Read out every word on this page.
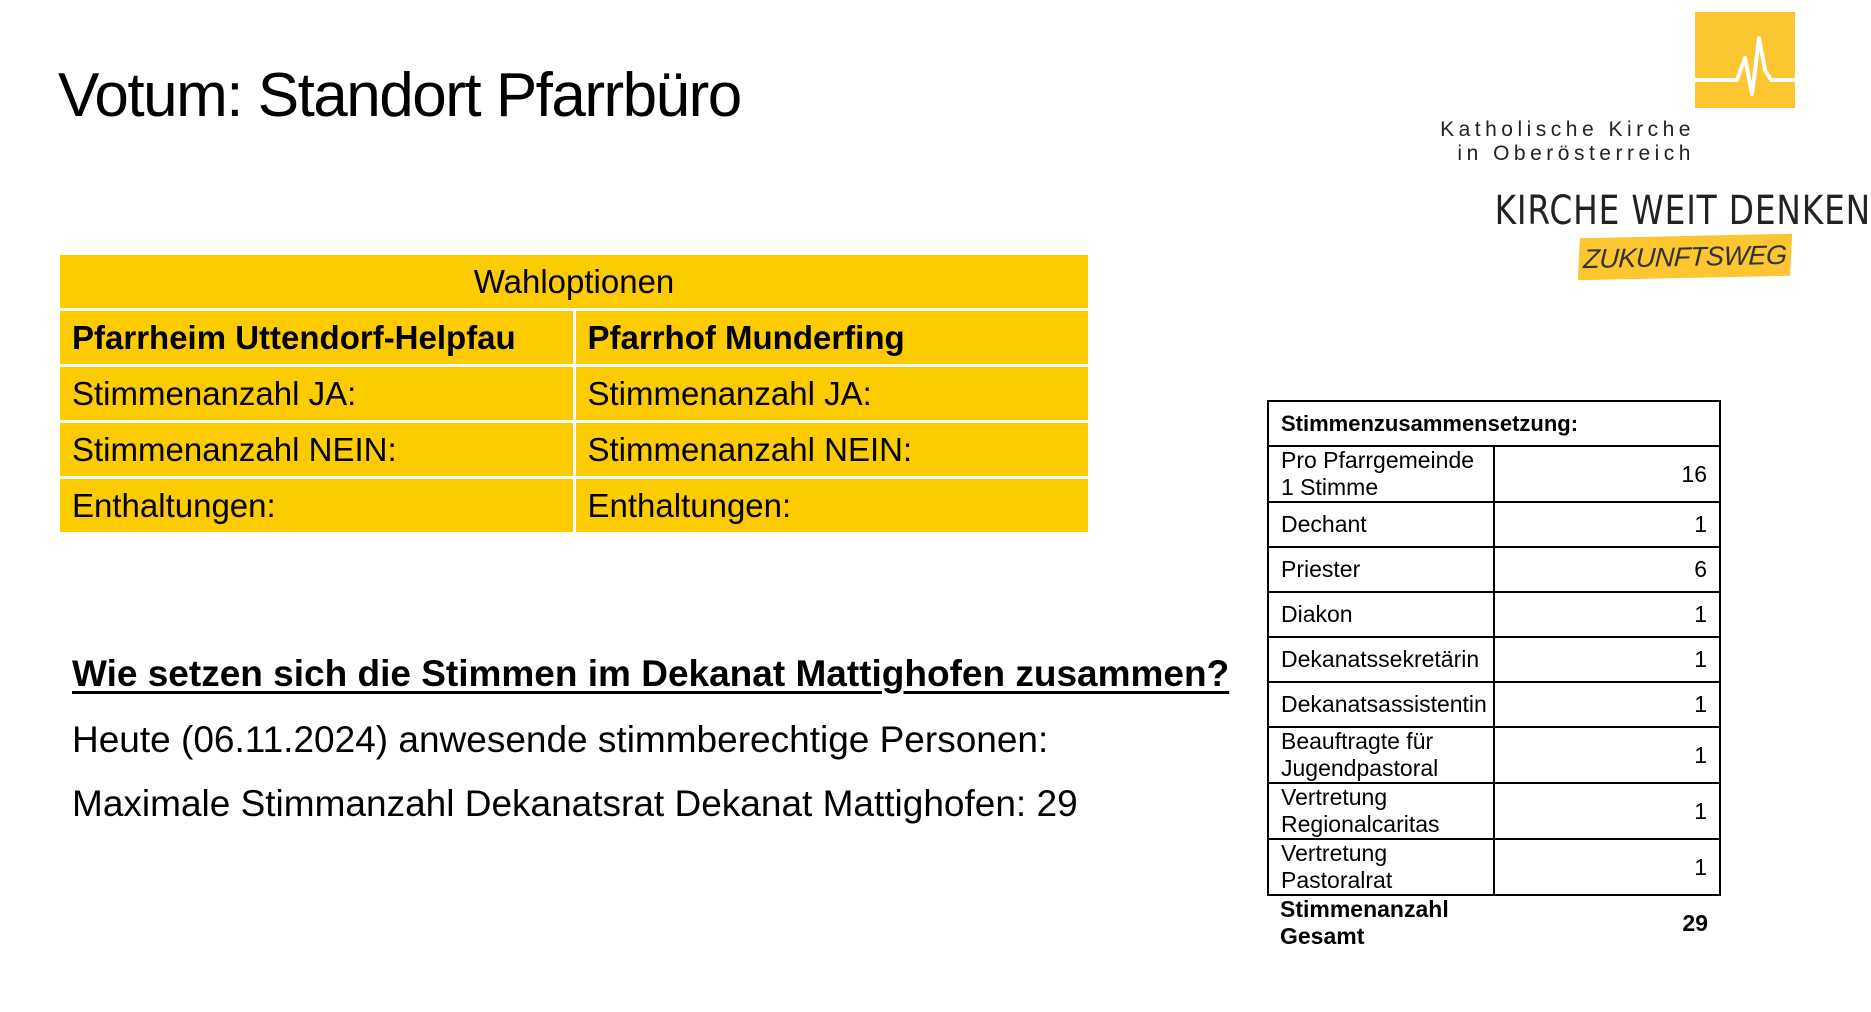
Votum: Standort Pfarrbüro	Katholische Kirche
in Oberösterreich
KIRCHE WEIT DENKEN
ZUKUNFTSWEG
Wahloptionen	
Pfarrheim Uttendorf-Helpfau	Pfarrhof Munderfing
Stimmenanzahl JA:	Stimmenanzahl JA:
Stimmenanzahl NEIN:	Stimmenanzahl NEIN:
Enthaltungen:	Enthaltungen:

Wie setzen sich die Stimmen im Dekanat Mattighofen zusammen?

Heute (06.11.2024) anwesende stimmberechtige Personen:

Maximale Stimmanzahl Dekanatsrat Dekanat Mattighofen: 29

Stimmenzusammensetzung:	
Pro Pfarrgemeinde 1 Stimme	16
Dechant	1
Priester	6
Diakon	1
Dekanatssekretärin	1
Dekanatsassistentin	1
Beauftragte für Jugendpastoral	1
Vertretung Regionalcaritas	1
Vertretung Pastoralrat	1
Stimmenanzahl Gesamt	29
